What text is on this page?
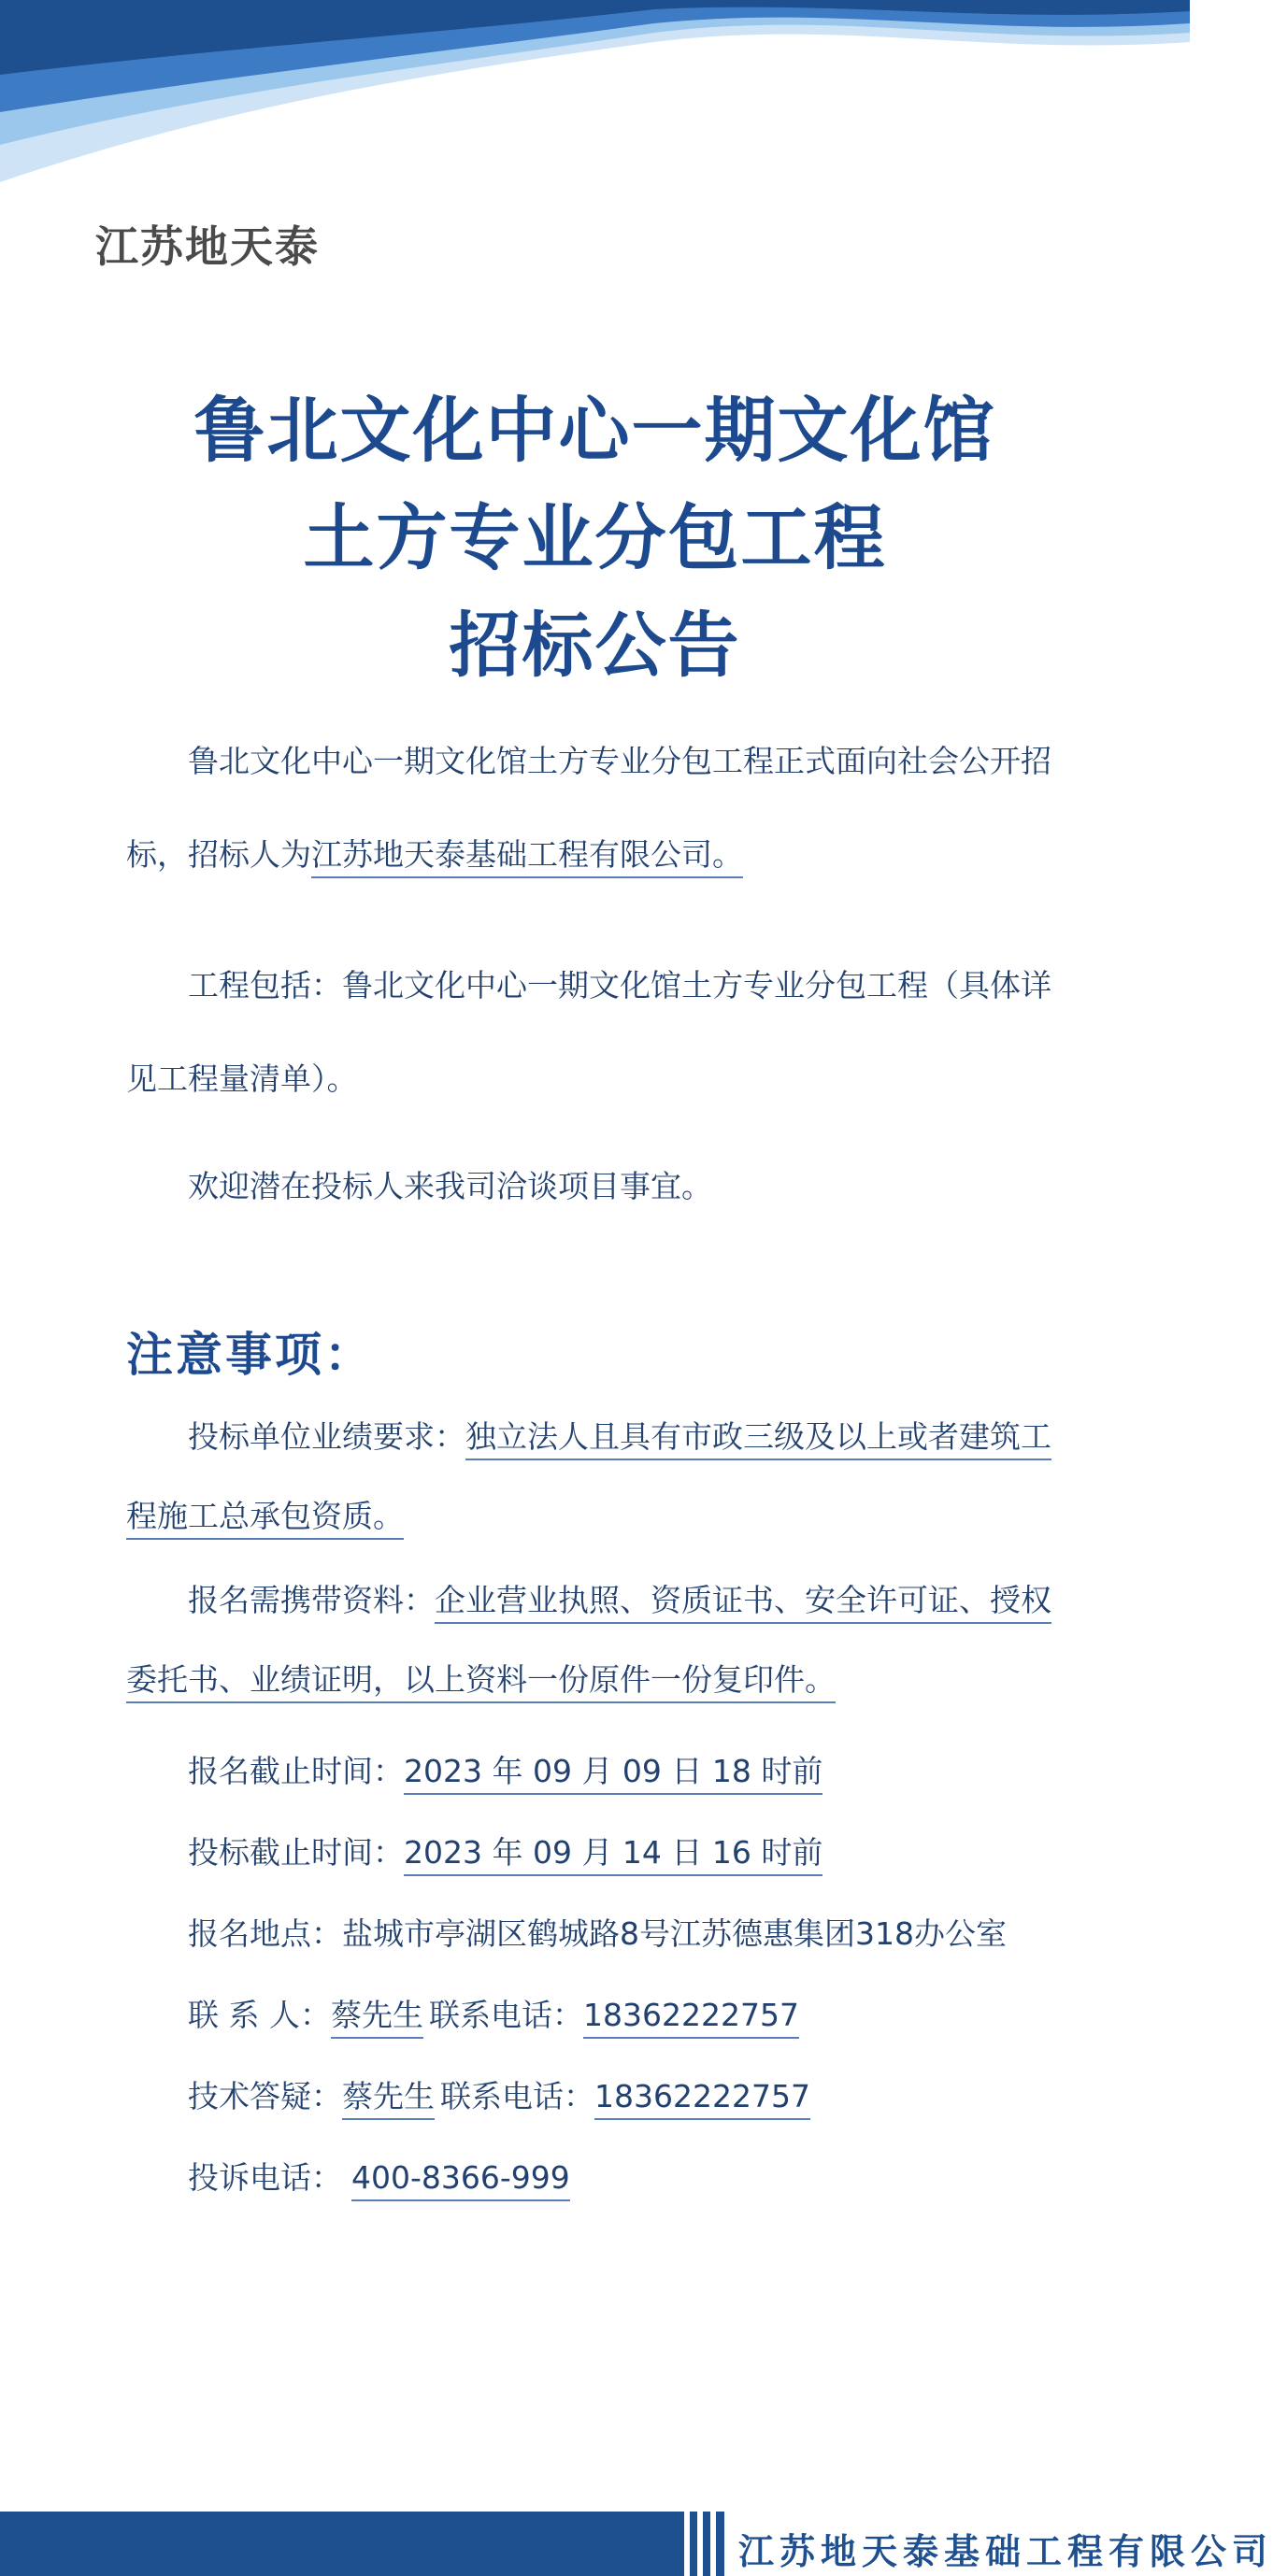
江苏地天泰
鲁北文化中心一期文化馆
土方专业分包工程
招标公告
鲁北文化中心一期文化馆土方专业分包工程正式面向社会公开招标，招标人为江苏地天泰基础工程有限公司。
工程包括：鲁北文化中心一期文化馆土方专业分包工程（具体详见工程量清单）。
欢迎潜在投标人来我司洽谈项目事宜。
注意事项：
投标单位业绩要求：独立法人且具有市政三级及以上或者建筑工程施工总承包资质。
报名需携带资料：企业营业执照、资质证书、安全许可证、授权委托书、业绩证明，以上资料一份原件一份复印件。
报名截止时间：2023 年 09 月 09 日 18 时前
投标截止时间：2023 年 09 月 14 日 16 时前
报名地点：盐城市亭湖区鹤城路8号江苏德惠集团318办公室
联 系 人：蔡先生 联系电话：18362222757
技术答疑：蔡先生 联系电话：18362222757
投诉电话： 400-8366-999
江苏地天泰基础工程有限公司
